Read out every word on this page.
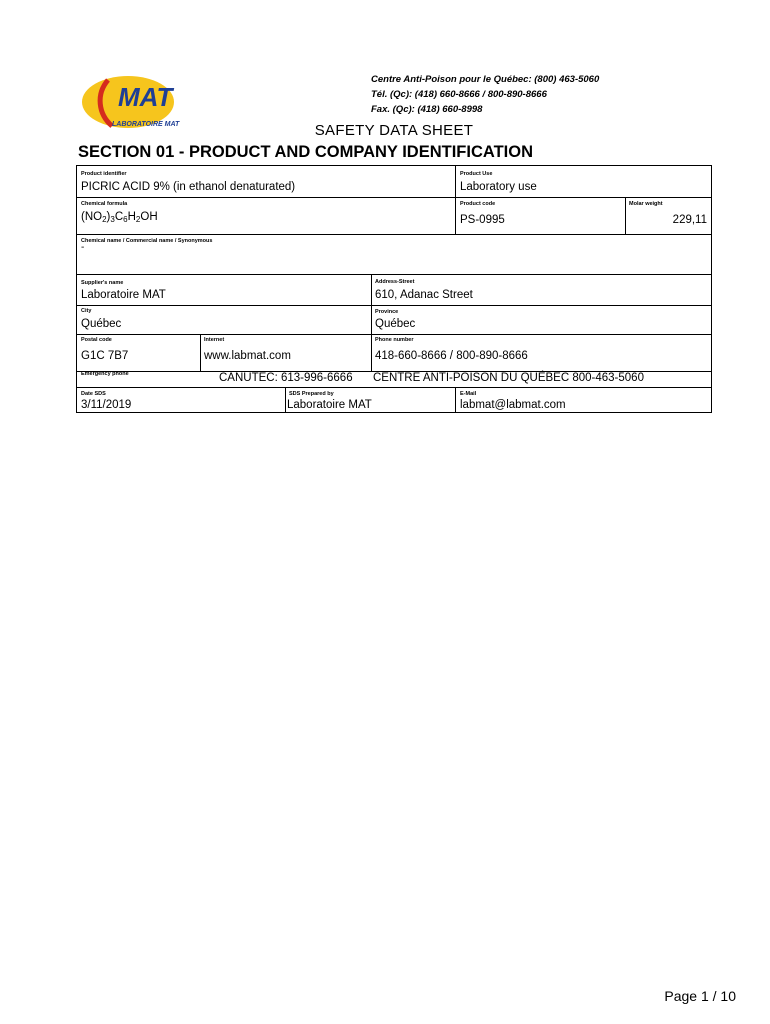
MAT
LABORATOIRE MAT
Centre Anti-Poison pour le Québec: (800) 463-5060
Tél. (Qc): (418) 660-8666 / 800-890-8666
Fax. (Qc): (418) 660-8998
SAFETY DATA SHEET
SECTION 01 - PRODUCT AND COMPANY IDENTIFICATION
Product identifier
PICRIC ACID 9% (in ethanol denaturated)
Product Use
Laboratory use
Chemical formula
$(NO_2)_3C_6H_2OH$
Product code
PS-0995
Molar weight
229,11
Chemical name / Commercial name / Synonymous
-
Supplier's name
Laboratoire MAT
Address-Street
610, Adanac Street
City
Québec
Province
Québec
Postal code
G1C 7B7
Internet
www.labmat.com
Phone number
418-660-8666 / 800-890-8666
Emergency phone	CANUTEC: 613-996-6666 CENTRE ANTI-POISON DU QUÉBEC 800-463-5060
Date SDS
3/11/2019
SDS Prepared by
Laboratoire MAT
E-Mail
labmat@labmat.com
Page 1 / 10
